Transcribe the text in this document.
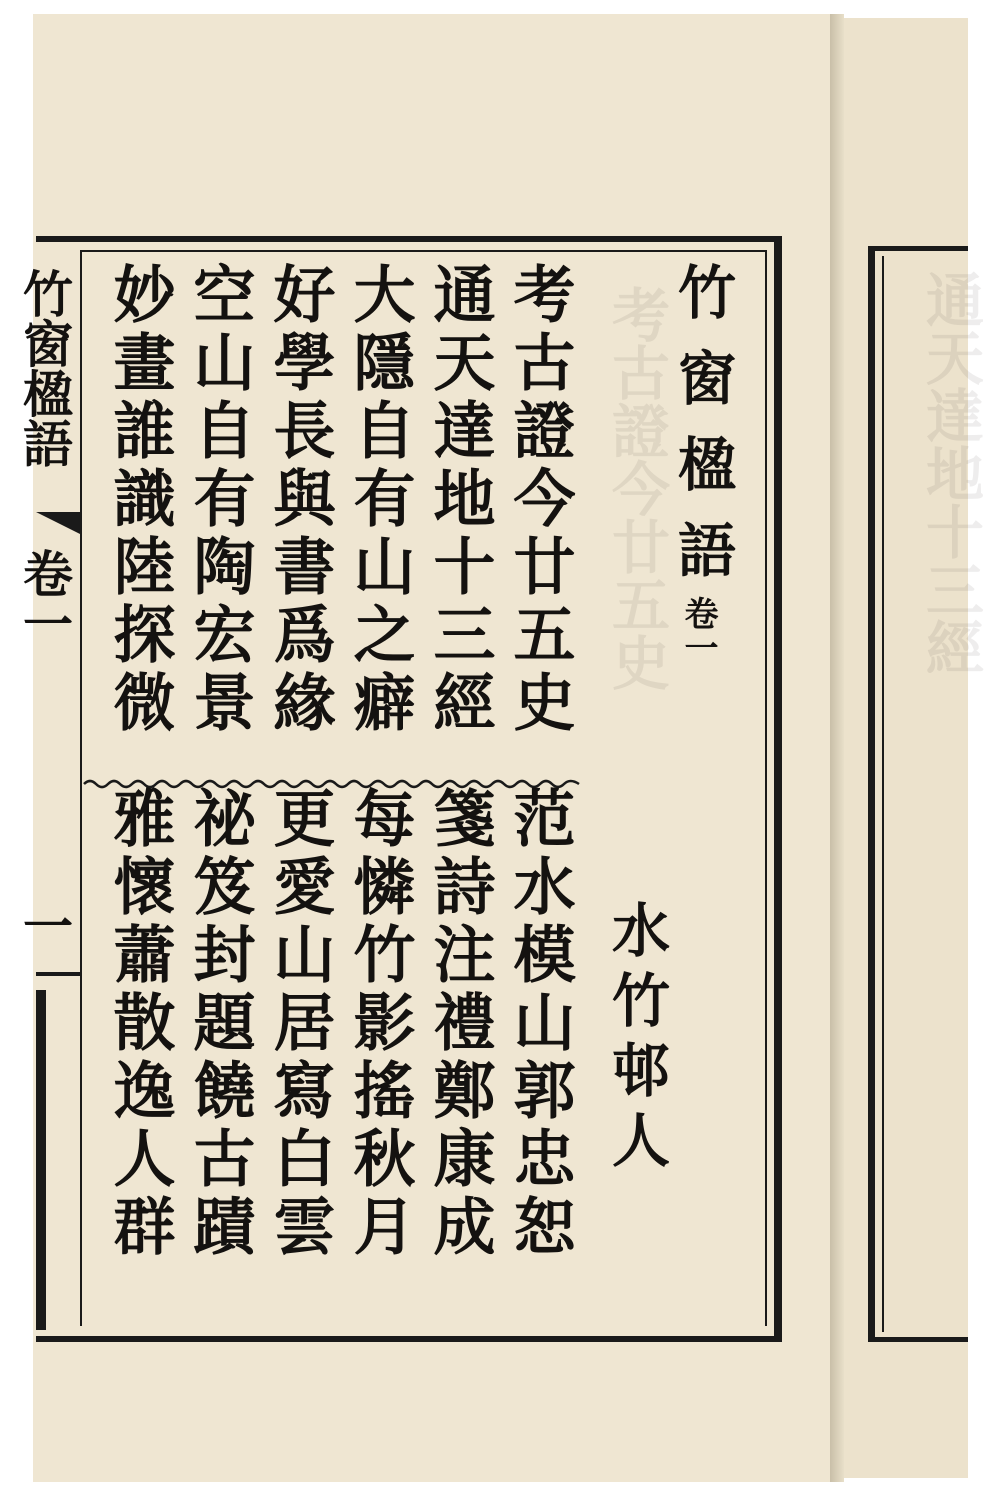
考古證今廿五史	通天達地十三經
竹窗楹語
卷一
考古證今廿五史
通天達地十三經
大隱自有山之癖
好學長與書爲緣
空山自有陶宏景
妙畫誰識陸探微
水竹邨人
范水模山郭忠恕
箋詩注禮鄭康成
每憐竹影搖秋月
更愛山居寫白雲
祕笈封題饒古蹟
雅懷蕭散逸人群
竹窗楹語
卷一
一
